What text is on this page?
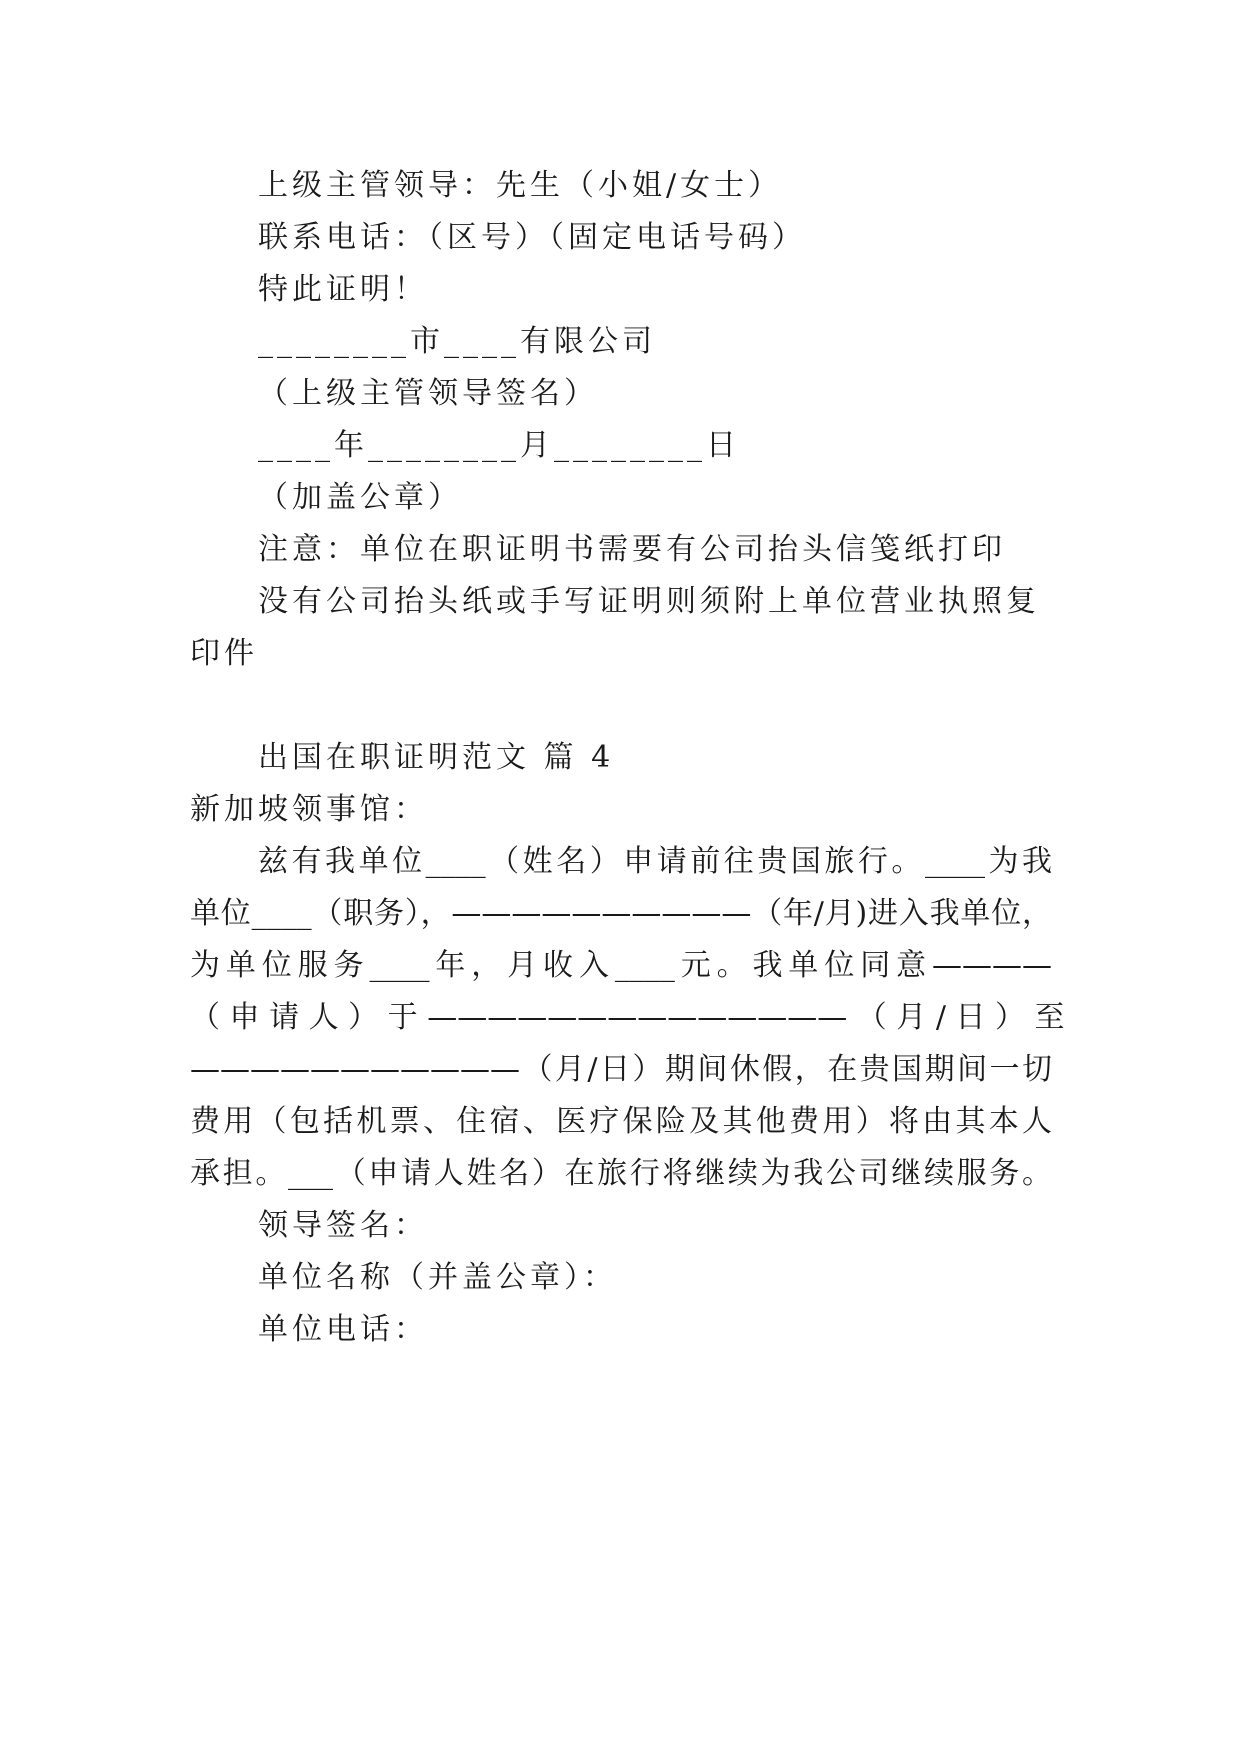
上级主管领导：先生（小姐/女士）
联系电话：（区号）（固定电话号码）
特此证明！
________市____有限公司
（上级主管领导签名）
____年________月________日
（加盖公章）
注意：单位在职证明书需要有公司抬头信笺纸打印
没有公司抬头纸或手写证明则须附上单位营业执照复
印件
出国在职证明范文 篇 4
新加坡领事馆：
兹有我单位____（姓名）申请前往贵国旅行。____为我
单位____（职务），——————————（年/月)进入我单位，
为单位服务____年，月收入____元。我单位同意————
（ 申 请 人 ） 于 —————————————— （ 月 / 日 ） 至
———————————（月/日）期间休假，在贵国期间一切
费用（包括机票、住宿、医疗保险及其他费用）将由其本人
承担。___（申请人姓名）在旅行将继续为我公司继续服务。
领导签名：
单位名称（并盖公章）：
单位电话：
